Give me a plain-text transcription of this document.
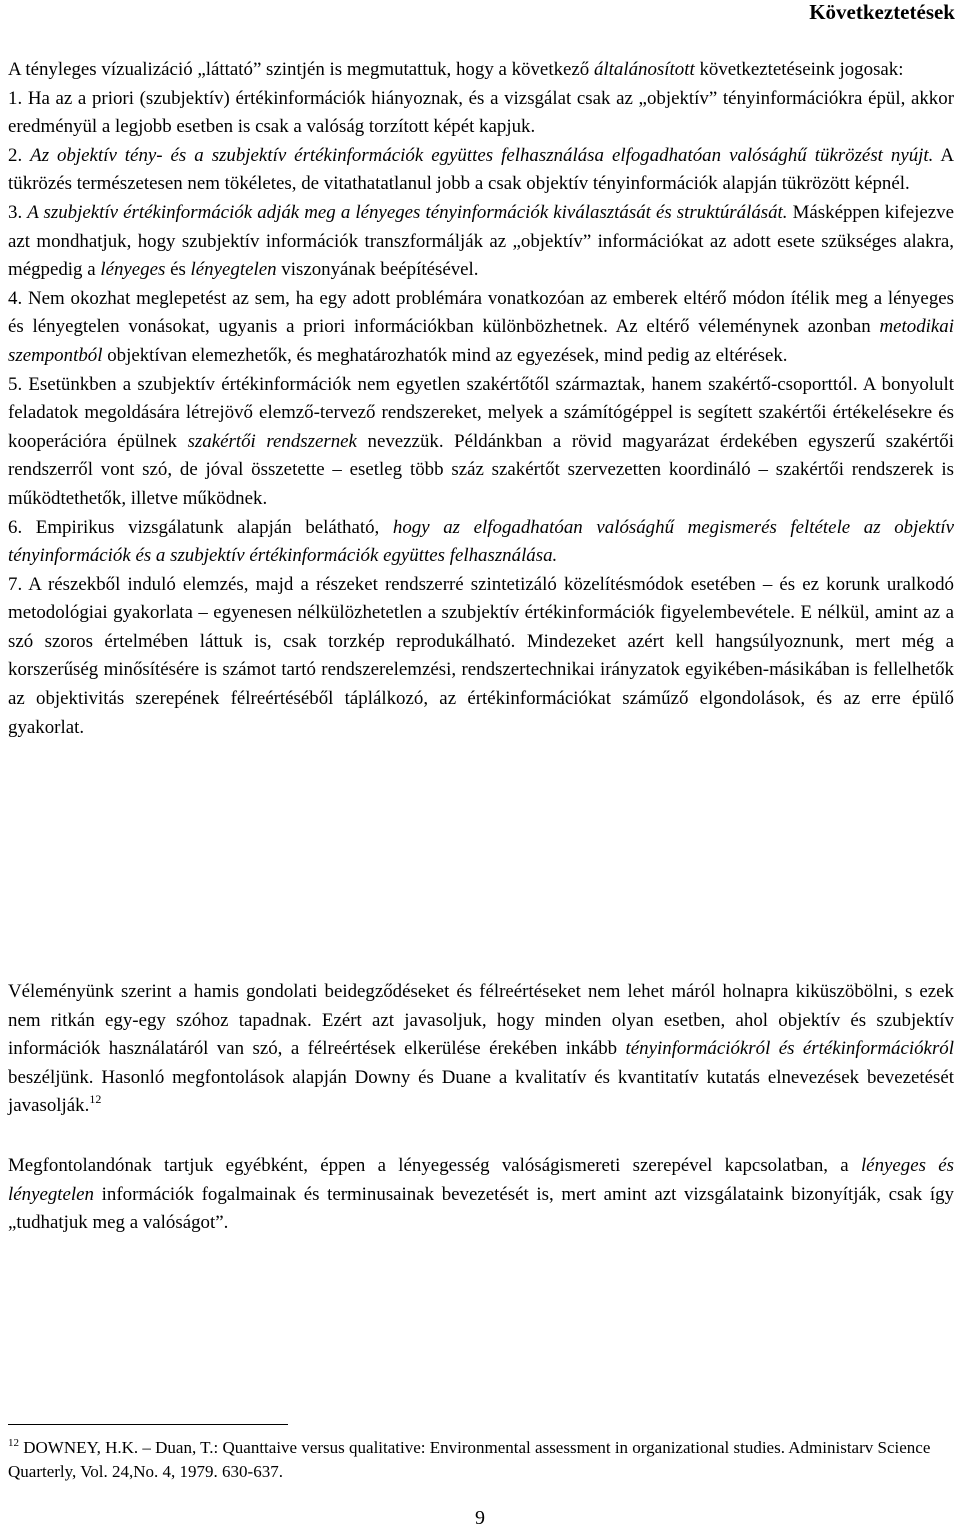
Következtetések

A tényleges vízualizáció „láttató” szintjén is megmutattuk, hogy a következő általánosított következtetéseink jogosak:

1. Ha az a priori (szubjektív) értékinformációk hiányoznak, és a vizsgálat csak az „objektív” tényinformációkra épül, akkor eredményül a legjobb esetben is csak a valóság torzított képét kapjuk.

2. Az objektív tény- és a szubjektív értékinformációk együttes felhasználása elfogadhatóan valósághű tükrözést nyújt. A tükrözés természetesen nem tökéletes, de vitathatatlanul jobb a csak objektív tényinformációk alapján tükrözött képnél.

3. A szubjektív értékinformációk adják meg a lényeges tényinformációk kiválasztását és struktúrálását. Másképpen kifejezve azt mondhatjuk, hogy szubjektív információk transzformálják az „objektív” információkat az adott esete szükséges alakra, mégpedig a lényeges és lényegtelen viszonyának beépítésével.

4. Nem okozhat meglepetést az sem, ha egy adott problémára vonatkozóan az emberek eltérő módon ítélik meg a lényeges és lényegtelen vonásokat, ugyanis a priori információkban különbözhetnek. Az eltérő véleménynek azonban metodikai szempontból objektívan elemezhetők, és meghatározhatók mind az egyezések, mind pedig az eltérések.

5. Esetünkben a szubjektív értékinformációk nem egyetlen szakértőtől származtak, hanem szakértő-csoporttól. A bonyolult feladatok megoldására létrejövő elemző-tervező rendszereket, melyek a számítógéppel is segített szakértői értékelésekre és kooperációra épülnek szakértői rendszernek nevezzük. Példánkban a rövid magyarázat érdekében egyszerű szakértői rendszerről vont szó, de jóval összetette – esetleg több száz szakértőt szervezetten koordináló – szakértői rendszerek is működtethetők, illetve működnek.

6. Empirikus vizsgálatunk alapján belátható, hogy az elfogadhatóan valósághű megismerés feltétele az objektív tényinformációk és a szubjektív értékinformációk együttes felhasználása.

7. A részekből induló elemzés, majd a részeket rendszerré szintetizáló közelítésmódok esetében – és ez korunk uralkodó metodológiai gyakorlata – egyenesen nélkülözhetetlen a szubjektív értékinformációk figyelembevétele. E nélkül, amint az a szó szoros értelmében láttuk is, csak torzkép reprodukálható. Mindezeket azért kell hangsúlyoznunk, mert még a korszerűség minősítésére is számot tartó rendszerelemzési, rendszertechnikai irányzatok egyikében-másikában is fellelhetők az objektivitás szerepének félreértéséből táplálkozó, az értékinformációkat száműző elgondolások, és az erre épülő gyakorlat.

Véleményünk szerint a hamis gondolati beidegződéseket és félreértéseket nem lehet máról holnapra kiküszöbölni, s ezek nem ritkán egy-egy szóhoz tapadnak. Ezért azt javasoljuk, hogy minden olyan esetben, ahol objektív és szubjektív információk használatáról van szó, a félreértések elkerülése érekében inkább tényinformációkról és értékinformációkról beszéljünk. Hasonló megfontolások alapján Downy és Duane a kvalitatív és kvantitatív kutatás elnevezések bevezetését javasolják.$^{12}$

Megfontolandónak tartjuk egyébként, éppen a lényegesség valóságismereti szerepével kapcsolatban, a lényeges és lényegtelen információk fogalmainak és terminusainak bevezetését is, mert amint azt vizsgálataink bizonyítják, csak így „tudhatjuk meg a valóságot”.

$^{12}$ DOWNEY, H.K. – Duan, T.: Quanttaive versus qualitative: Environmental assessment in organizational studies. Administarv Science Quarterly, Vol. 24,No. 4, 1979. 630-637.
9
